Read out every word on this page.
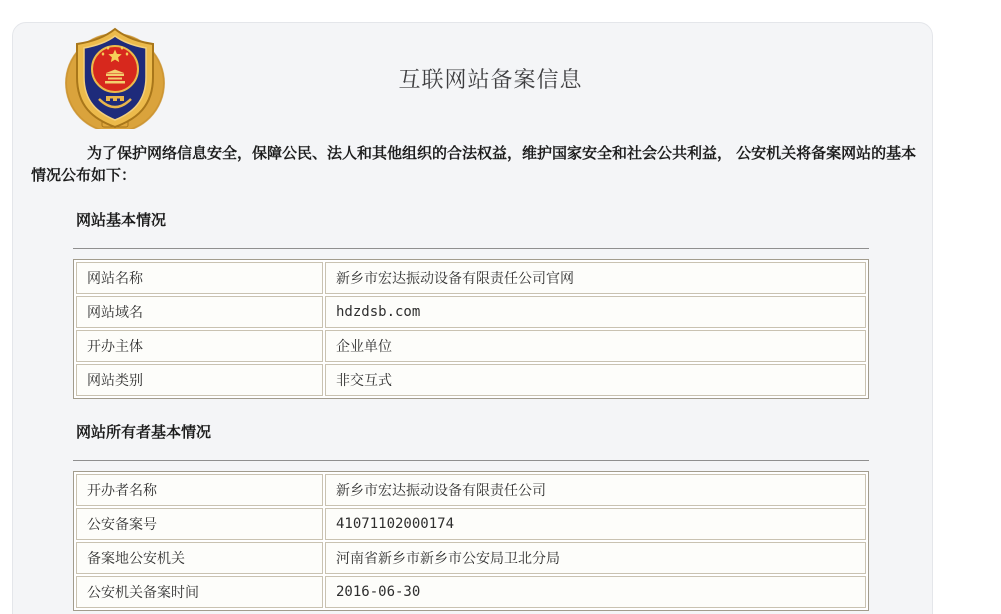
互联网站备案信息

为了保护网络信息安全，保障公民、法人和其他组织的合法权益，维护国家安全和社会公共利益， 公安机关将备案网站的基本情况公布如下：

网站基本情况
网站名称	新乡市宏达振动设备有限责任公司官网
网站域名	hdzdsb.com
开办主体	企业单位
网站类别	非交互式
网站所有者基本情况
开办者名称	新乡市宏达振动设备有限责任公司
公安备案号	41071102000174
备案地公安机关	河南省新乡市新乡市公安局卫北分局
公安机关备案时间	2016-06-30
